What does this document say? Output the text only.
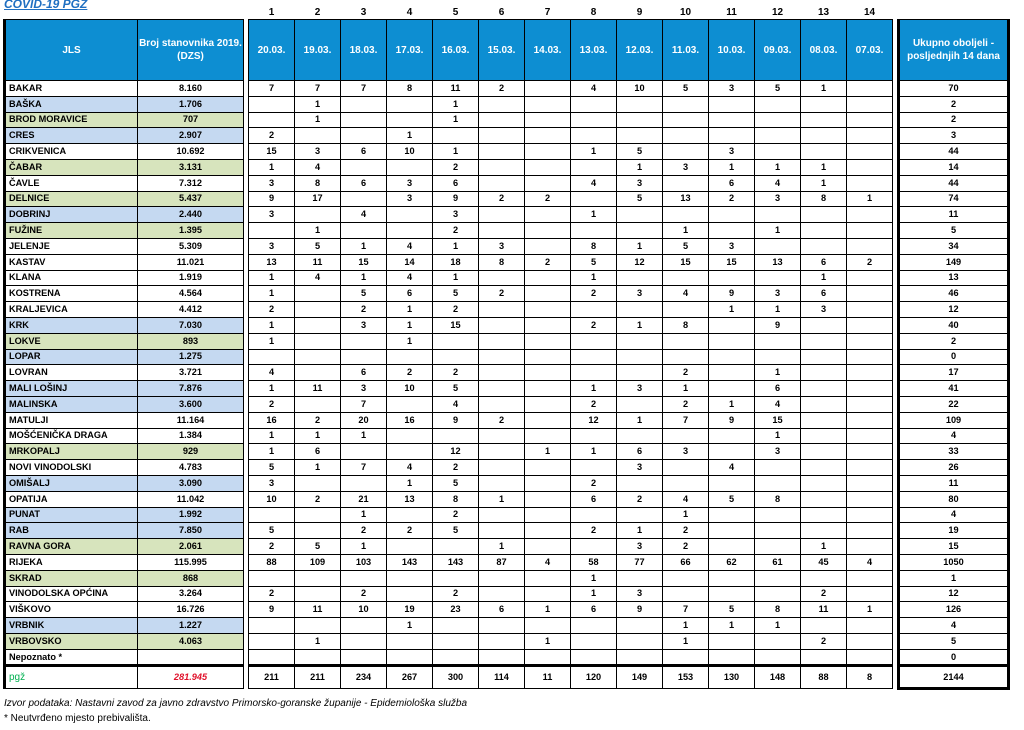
COVID-19 PGZ
			1	2	3	4	5	6	7	8	9	10	11	12	13	14		
JLS	Broj stanovnika 2019. (DZS)		20.03.	19.03.	18.03.	17.03.	16.03.	15.03.	14.03.	13.03.	12.03.	11.03.	10.03.	09.03.	08.03.	07.03.		Ukupno oboljeli - posljednjih 14 dana
BAKAR	8.160		7	7	7	8	11	2		4	10	5	3	5	1			70
BAŠKA	1.706			1			1											2
BROD MORAVICE	707			1			1											2
CRES	2.907		2			1												3
CRIKVENICA	10.692		15	3	6	10	1			1	5		3					44
ČABAR	3.131		1	4			2				1	3	1	1	1			14
ČAVLE	7.312		3	8	6	3	6			4	3		6	4	1			44
DELNICE	5.437		9	17		3	9	2	2		5	13	2	3	8	1		74
DOBRINJ	2.440		3		4		3			1								11
FUŽINE	1.395			1			2					1		1				5
JELENJE	5.309		3	5	1	4	1	3		8	1	5	3					34
KASTAV	11.021		13	11	15	14	18	8	2	5	12	15	15	13	6	2		149
KLANA	1.919		1	4	1	4	1			1					1			13
KOSTRENA	4.564		1		5	6	5	2		2	3	4	9	3	6			46
KRALJEVICA	4.412		2		2	1	2						1	1	3			12
KRK	7.030		1		3	1	15			2	1	8		9				40
LOKVE	893		1			1												2
LOPAR	1.275																	0
LOVRAN	3.721		4		6	2	2					2		1				17
MALI LOŠINJ	7.876		1	11	3	10	5			1	3	1		6				41
MALINSKA	3.600		2		7		4			2		2	1	4				22
MATULJI	11.164		16	2	20	16	9	2		12	1	7	9	15				109
MOŠĆENIČKA DRAGA	1.384		1	1	1									1				4
MRKOPALJ	929		1	6			12		1	1	6	3		3				33
NOVI VINODOLSKI	4.783		5	1	7	4	2				3		4					26
OMIŠALJ	3.090		3			1	5			2								11
OPATIJA	11.042		10	2	21	13	8	1		6	2	4	5	8				80
PUNAT	1.992				1		2					1						4
RAB	7.850		5		2	2	5			2	1	2						19
RAVNA GORA	2.061		2	5	1			1			3	2			1			15
RIJEKA	115.995		88	109	103	143	143	87	4	58	77	66	62	61	45	4		1050
SKRAD	868									1								1
VINODOLSKA OPĆINA	3.264		2		2		2			1	3				2			12
VIŠKOVO	16.726		9	11	10	19	23	6	1	6	9	7	5	8	11	1		126
VRBNIK	1.227					1						1	1	1				4
VRBOVSKO	4.063			1					1			1			2			5
Nepoznato *																		0
pgž	281.945		211	211	234	267	300	114	11	120	149	153	130	148	88	8		2144
Izvor podataka: Nastavni zavod za javno zdravstvo Primorsko-goranske županije - Epidemiološka služba
* Neutvrđeno mjesto prebivališta.
